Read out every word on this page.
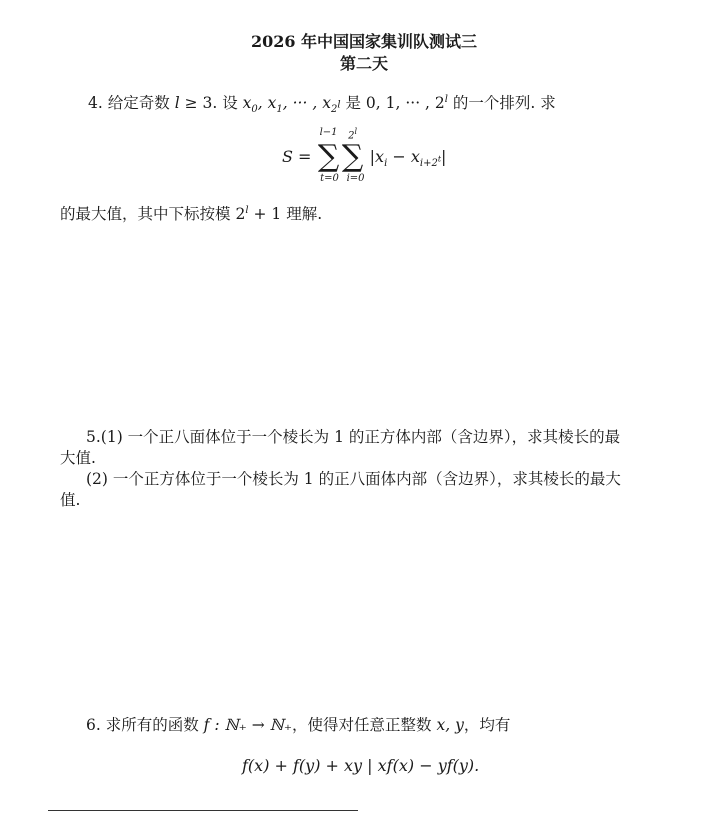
2026 年中国国家集训队测试三
第二天
4. 给定奇数 l ≥ 3. 设 $x_0$, $x_1$, ··· , $x_{2^l}$ 是 0, 1, ··· , 2$^l$ 的一个排列. 求
S =
l−1
∑
t=0
2$^l$
∑
i=0
$|x_i - x_{i+2^t}|$
的最大值，其中下标按模 $2^l + 1$ 理解.
5.(1) 一个正八面体位于一个棱长为 1 的正方体内部（含边界），求其棱长的最
大值.
(2) 一个正方体位于一个棱长为 1 的正八面体内部（含边界），求其棱长的最大
值.
6. 求所有的函数 f : ℕ₊ → ℕ₊，使得对任意正整数 x, y，均有
f(x) + f(y) + xy | xf(x) − yf(y).
